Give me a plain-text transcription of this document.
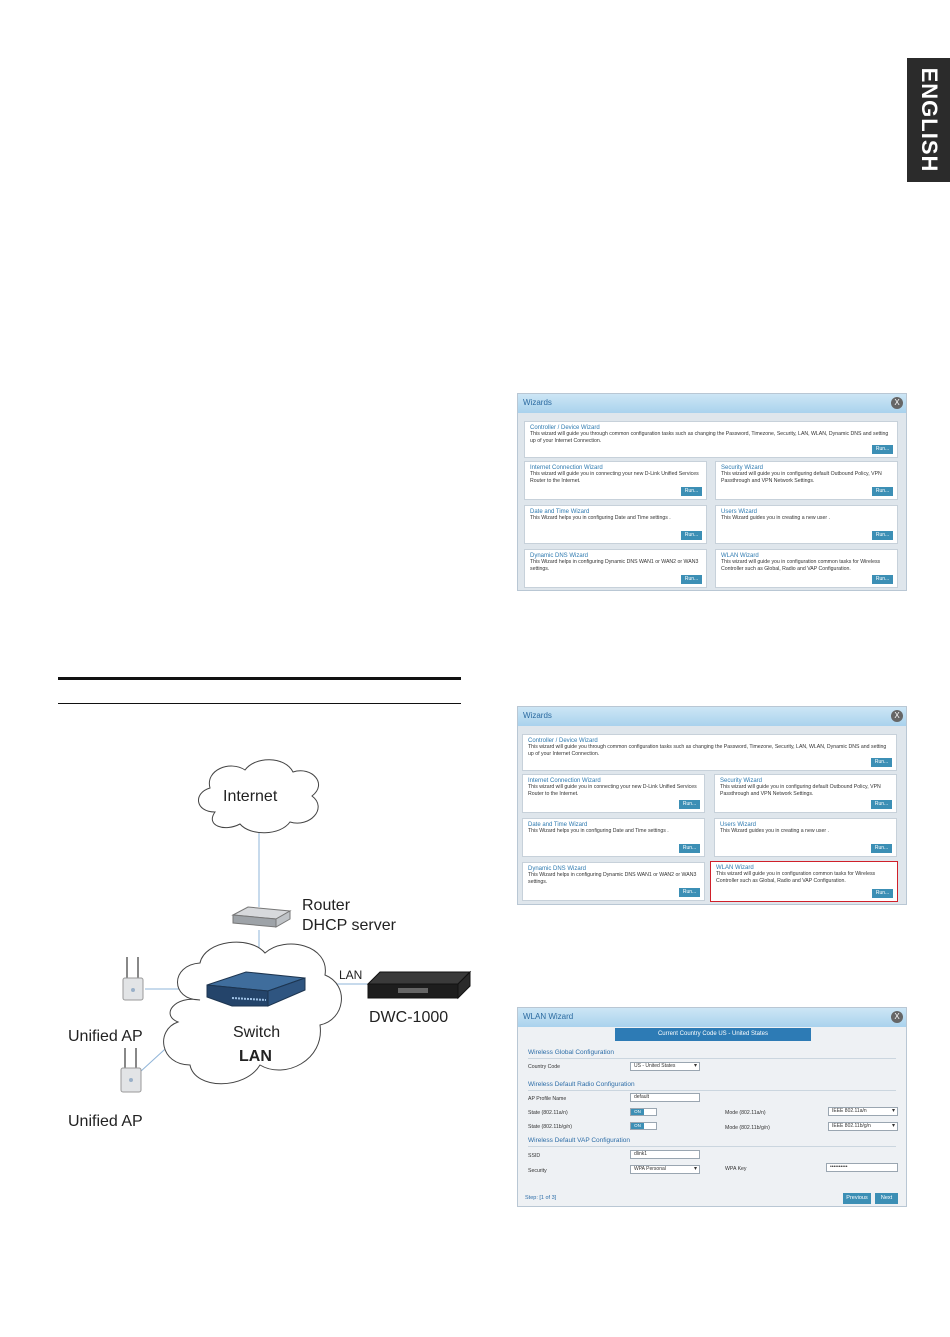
ENGLISH
Wizards	X
Controller / Device Wizard
This wizard will guide you through common configuration tasks such as changing the Password, Timezone, Security, LAN, WLAN, Dynamic DNS and setting up of your Internet Connection.
Run...
Internet Connection Wizard
This wizard will guide you in connecting your new D-Link Unified Services Router to the Internet.
Run...
Security Wizard
This wizard will guide you in configuring default Outbound Policy, VPN Passthrough and VPN Network Settings.
Run...
Date and Time Wizard
This Wizard helps you in configuring Date and Time settings .
Run...
Users Wizard
This Wizard guides you in creating a new user .
Run...
Dynamic DNS Wizard
This Wizard helps in configuring Dynamic DNS WAN1 or WAN2 or WAN3 settings.
Run...
WLAN Wizard
This wizard will guide you in configuration common tasks for Wireless Controller such as Global, Radio and VAP Configuration.
Run...
Wizards	X
Controller / Device Wizard
This wizard will guide you through common configuration tasks such as changing the Password, Timezone, Security, LAN, WLAN, Dynamic DNS and setting up of your Internet Connection.
Run...
Internet Connection Wizard
This wizard will guide you in connecting your new D-Link Unified Services Router to the Internet.
Run...
Security Wizard
This wizard will guide you in configuring default Outbound Policy, VPN Passthrough and VPN Network Settings.
Run...
Date and Time Wizard
This Wizard helps you in configuring Date and Time settings .
Run...
Users Wizard
This Wizard guides you in creating a new user .
Run...
Dynamic DNS Wizard
This Wizard helps in configuring Dynamic DNS WAN1 or WAN2 or WAN3 settings.
Run...
WLAN Wizard
This wizard will guide you in configuration common tasks for Wireless Controller such as Global, Radio and VAP Configuration.
Run...
WLAN Wizard	X
Current Country Code US - United States
Wireless Global Configuration
Country Code	US - United States ▾
Wireless Default Radio Configuration
AP Profile Name	default
State (802.11a/n)	ON	Mode (802.11a/n)	IEEE 802.11a/n ▾
State (802.11b/g/n)	ON	Mode (802.11b/g/n)	IEEE 802.11b/g/n ▾
Wireless Default VAP Configuration
SSID	dlink1
Security	WPA Personal ▾	WPA Key	••••••••••
Step: [1 of 3]	Previous	Next
Internet
Router
DHCP server
LAN
DWC-1000
Unified AP	Switch
LAN
Unified AP
